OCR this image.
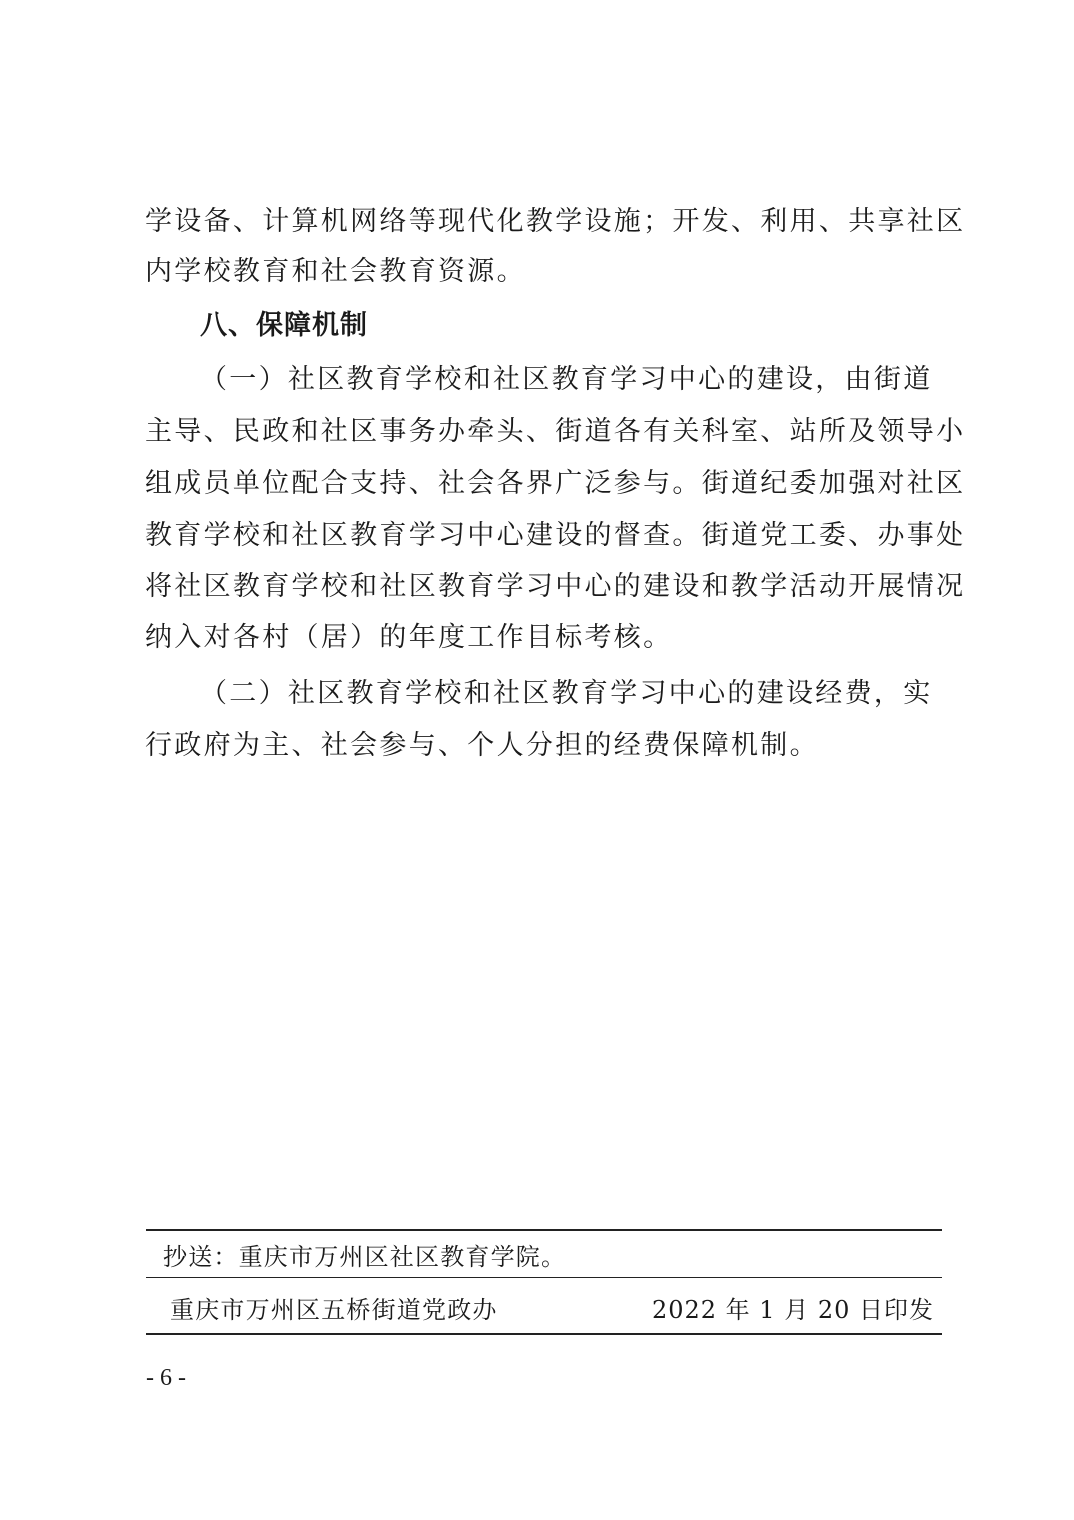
学设备、计算机网络等现代化教学设施；开发、利用、共享社区
内学校教育和社会教育资源。
八、保障机制
（一）社区教育学校和社区教育学习中心的建设，由街道
主导、民政和社区事务办牵头、街道各有关科室、站所及领导小
组成员单位配合支持、社会各界广泛参与。街道纪委加强对社区
教育学校和社区教育学习中心建设的督查。街道党工委、办事处
将社区教育学校和社区教育学习中心的建设和教学活动开展情况
纳入对各村（居）的年度工作目标考核。
（二）社区教育学校和社区教育学习中心的建设经费，实
行政府为主、社会参与、个人分担的经费保障机制。
抄送：重庆市万州区社区教育学院。
重庆市万州区五桥街道党政办	2022 年 1 月 20 日印发
- 6 -
